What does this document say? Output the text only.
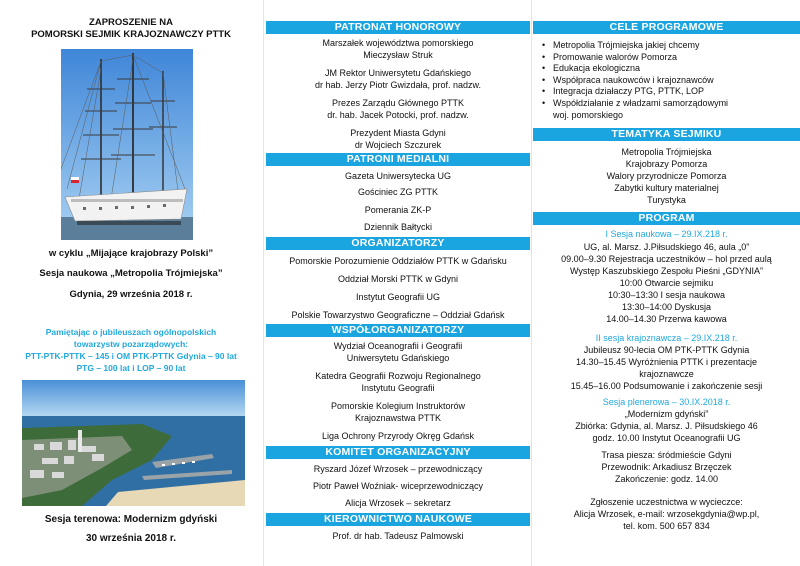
ZAPROSZENIE NA
POMORSKI SEJMIK KRAJOZNAWCZY PTTK
w cyklu „Mijające krajobrazy Polski”
Sesja naukowa „Metropolia Trójmiejska”
Gdynia, 29 września 2018 r.
Pamiętając o jubileuszach ogólnopolskich
towarzystw pozarządowych:
PTT-PTK-PTTK – 145 i OM PTK-PTTK Gdynia – 90 lat
PTG – 100 lat i LOP – 90 lat
Sesja terenowa: Modernizm gdyński
30 września 2018 r.
PATRONAT HONOROWY
Marszałek województwa pomorskiego
Mieczysław Struk
JM Rektor Uniwersytetu Gdańskiego
dr hab. Jerzy Piotr Gwizdała, prof. nadzw.
Prezes Zarządu Głównego PTTK
dr. hab. Jacek Potocki, prof. nadzw.
Prezydent Miasta Gdyni
dr Wojciech Szczurek
PATRONI MEDIALNI
Gazeta Uniwersytecka UG
Gościniec ZG PTTK
Pomerania ZK-P
Dziennik Bałtycki
ORGANIZATORZY
Pomorskie Porozumienie Oddziałów PTTK w Gdańsku
Oddział Morski PTTK w Gdyni
Instytut Geografii UG
Polskie Towarzystwo Geograficzne – Oddział Gdańsk
WSPÓŁORGANIZATORZY
Wydział Oceanografii i Geografii
Uniwersytetu Gdańskiego
Katedra Geografii Rozwoju Regionalnego
Instytutu Geografii
Pomorskie Kolegium Instruktorów
Krajoznawstwa PTTK
Liga Ochrony Przyrody Okręg Gdańsk
KOMITET ORGANIZACYJNY
Ryszard Józef Wrzosek – przewodniczący
Piotr Paweł Woźniak- wiceprzewodniczący
Alicja Wrzosek – sekretarz
KIEROWNICTWO NAUKOWE
Prof. dr hab. Tadeusz Palmowski
CELE PROGRAMOWE
• Metropolia Trójmiejska jakiej chcemy
• Promowanie walorów Pomorza
• Edukacja ekologiczna
• Współpraca naukowców i krajoznawców
• Integracja działaczy PTG, PTTK, LOP
• Współdziałanie z władzami samorządowymi
woj. pomorskiego
TEMATYKA SEJMIKU
Metropolia Trójmiejska
Krajobrazy Pomorza
Walory przyrodnicze Pomorza
Zabytki kultury materialnej
Turystyka
PROGRAM
I Sesja naukowa – 29.IX.218 r.
UG, al. Marsz. J.Piłsudskiego 46, aula „0”
09.00–9.30 Rejestracja uczestników – hol przed aulą
Występ Kaszubskiego Zespołu Pieśni „GDYNIA”
10:00 Otwarcie sejmiku
10:30–13:30 I sesja naukowa
13:30–14:00 Dyskusja
14.00–14.30 Przerwa kawowa
II sesja krajoznawcza – 29.IX.218 r.
Jubileusz 90-lecia OM PTK-PTTK Gdynia
14.30–15.45 Wyróżnienia PTTK i prezentacje
krajoznawcze
15.45–16.00 Podsumowanie i zakończenie sesji
Sesja plenerowa – 30.IX.2018 r.
„Modernizm gdyński”
Zbiórka: Gdynia, al. Marsz. J. Piłsudskiego 46
godz. 10.00 Instytut Oceanografii UG
Trasa piesza: śródmieście Gdyni
Przewodnik: Arkadiusz Brzęczek
Zakończenie: godz. 14.00
Zgłoszenie uczestnictwa w wycieczce:
Alicja Wrzosek, e-mail: wrzosekgdynia@wp.pl,
tel. kom. 500 657 834
